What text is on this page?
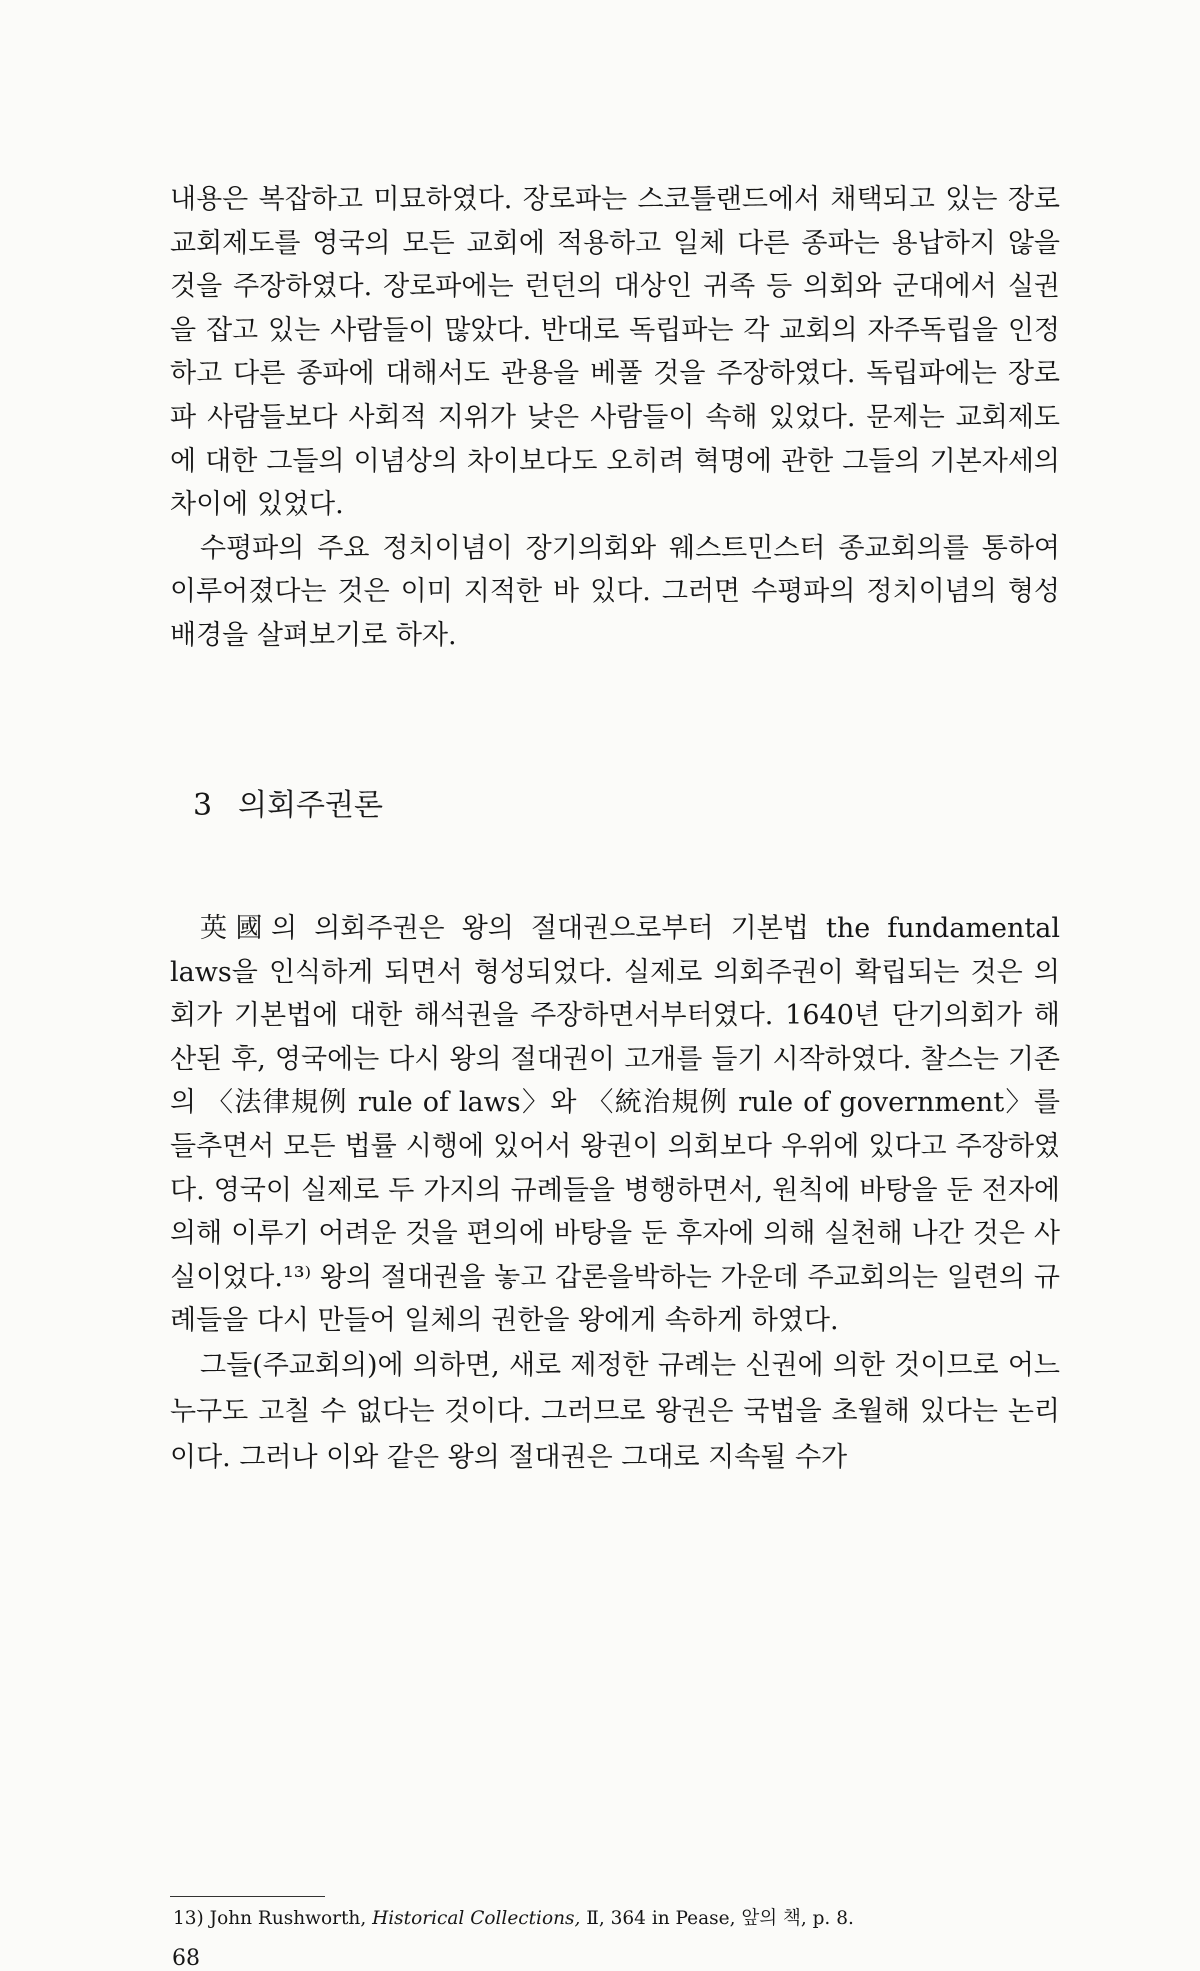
내용은 복잡하고 미묘하였다. 장로파는 스코틀랜드에서 채택되고 있는 장로교회제도를 영국의 모든 교회에 적용하고 일체 다른 종파는 용납하지 않을 것을 주장하였다. 장로파에는 런던의 대상인 귀족 등 의회와 군대에서 실권을 잡고 있는 사람들이 많았다. 반대로 독립파는 각 교회의 자주독립을 인정하고 다른 종파에 대해서도 관용을 베풀 것을 주장하였다. 독립파에는 장로파 사람들보다 사회적 지위가 낮은 사람들이 속해 있었다. 문제는 교회제도에 대한 그들의 이념상의 차이보다도 오히려 혁명에 관한 그들의 기본자세의 차이에 있었다.

수평파의 주요 정치이념이 장기의회와 웨스트민스터 종교회의를 통하여 이루어졌다는 것은 이미 지적한 바 있다. 그러면 수평파의 정치이념의 형성배경을 살펴보기로 하자.

3 의회주권론

英國의 의회주권은 왕의 절대권으로부터 기본법 the fundamental laws을 인식하게 되면서 형성되었다. 실제로 의회주권이 확립되는 것은 의회가 기본법에 대한 해석권을 주장하면서부터였다. 1640년 단기의회가 해산된 후, 영국에는 다시 왕의 절대권이 고개를 들기 시작하였다. 찰스는 기존의 〈法律規例 rule of laws〉와 〈統治規例 rule of government〉를 들추면서 모든 법률 시행에 있어서 왕권이 의회보다 우위에 있다고 주장하였다. 영국이 실제로 두 가지의 규례들을 병행하면서, 원칙에 바탕을 둔 전자에 의해 이루기 어려운 것을 편의에 바탕을 둔 후자에 의해 실천해 나간 것은 사실이었다.¹³⁾ 왕의 절대권을 놓고 갑론을박하는 가운데 주교회의는 일련의 규례들을 다시 만들어 일체의 권한을 왕에게 속하게 하였다.

그들(주교회의)에 의하면, 새로 제정한 규례는 신권에 의한 것이므로 어느 누구도 고칠 수 없다는 것이다. 그러므로 왕권은 국법을 초월해 있다는 논리이다. 그러나 이와 같은 왕의 절대권은 그대로 지속될 수가

13) John Rushworth, Historical Collections, Ⅱ, 364 in Pease, 앞의 책, p. 8.

68
